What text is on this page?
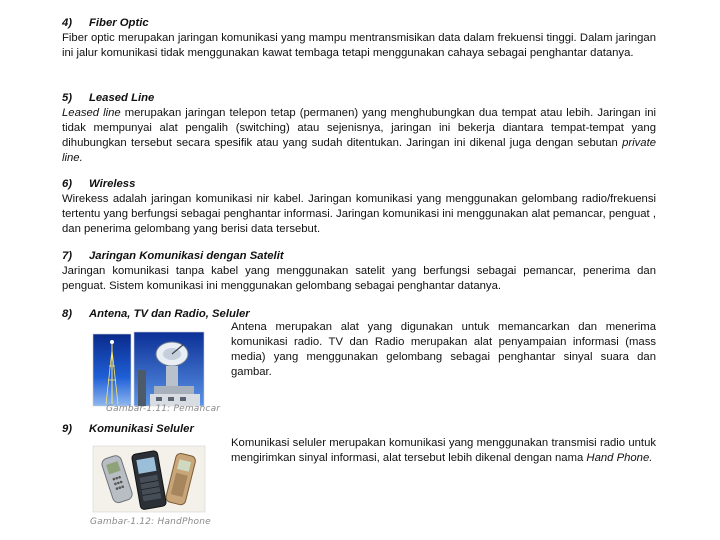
4) Fiber Optic
Fiber optic merupakan jaringan komunikasi yang mampu mentransmisikan data dalam frekuensi tinggi. Dalam jaringan ini jalur komunikasi tidak menggunakan kawat tembaga tetapi menggunakan cahaya sebagai penghantar datanya.
5) Leased Line
Leased line merupakan jaringan telepon tetap (permanen) yang menghubungkan dua tempat atau lebih. Jaringan ini tidak mempunyai alat pengalih (switching) atau sejenisnya, jaringan ini bekerja diantara tempat-tempat yang dihubungkan tersebut secara spesifik atau yang sudah ditentukan. Jaringan ini dikenal juga dengan sebutan private line.
6) Wireless
Wirekess adalah jaringan komunikasi nir kabel. Jaringan komunikasi yang menggunakan gelombang radio/frekuensi tertentu yang berfungsi sebagai penghantar informasi. Jaringan komunikasi ini menggunakan alat pemancar, penguat , dan penerima gelombang yang berisi data tersebut.
7) Jaringan Komunikasi dengan Satelit
Jaringan komunikasi tanpa kabel yang menggunakan satelit yang berfungsi sebagai pemancar, penerima dan penguat. Sistem komunikasi ini menggunakan gelombang sebagai penghantar datanya.
8) Antena, TV dan Radio, Seluler
Antena merupakan alat yang digunakan untuk memancarkan dan menerima komunikasi radio. TV dan Radio merupakan alat penyampaian informasi (mass media) yang menggunakan gelombang sebagai penghantar sinyal suara dan gambar.
Gambar-1.11: Pemancar
9) Komunikasi Seluler
Komunikasi seluler merupakan komunikasi yang menggunakan transmisi radio untuk mengirimkan sinyal informasi, alat tersebut lebih dikenal dengan nama Hand Phone.
Gambar-1.12: HandPhone
